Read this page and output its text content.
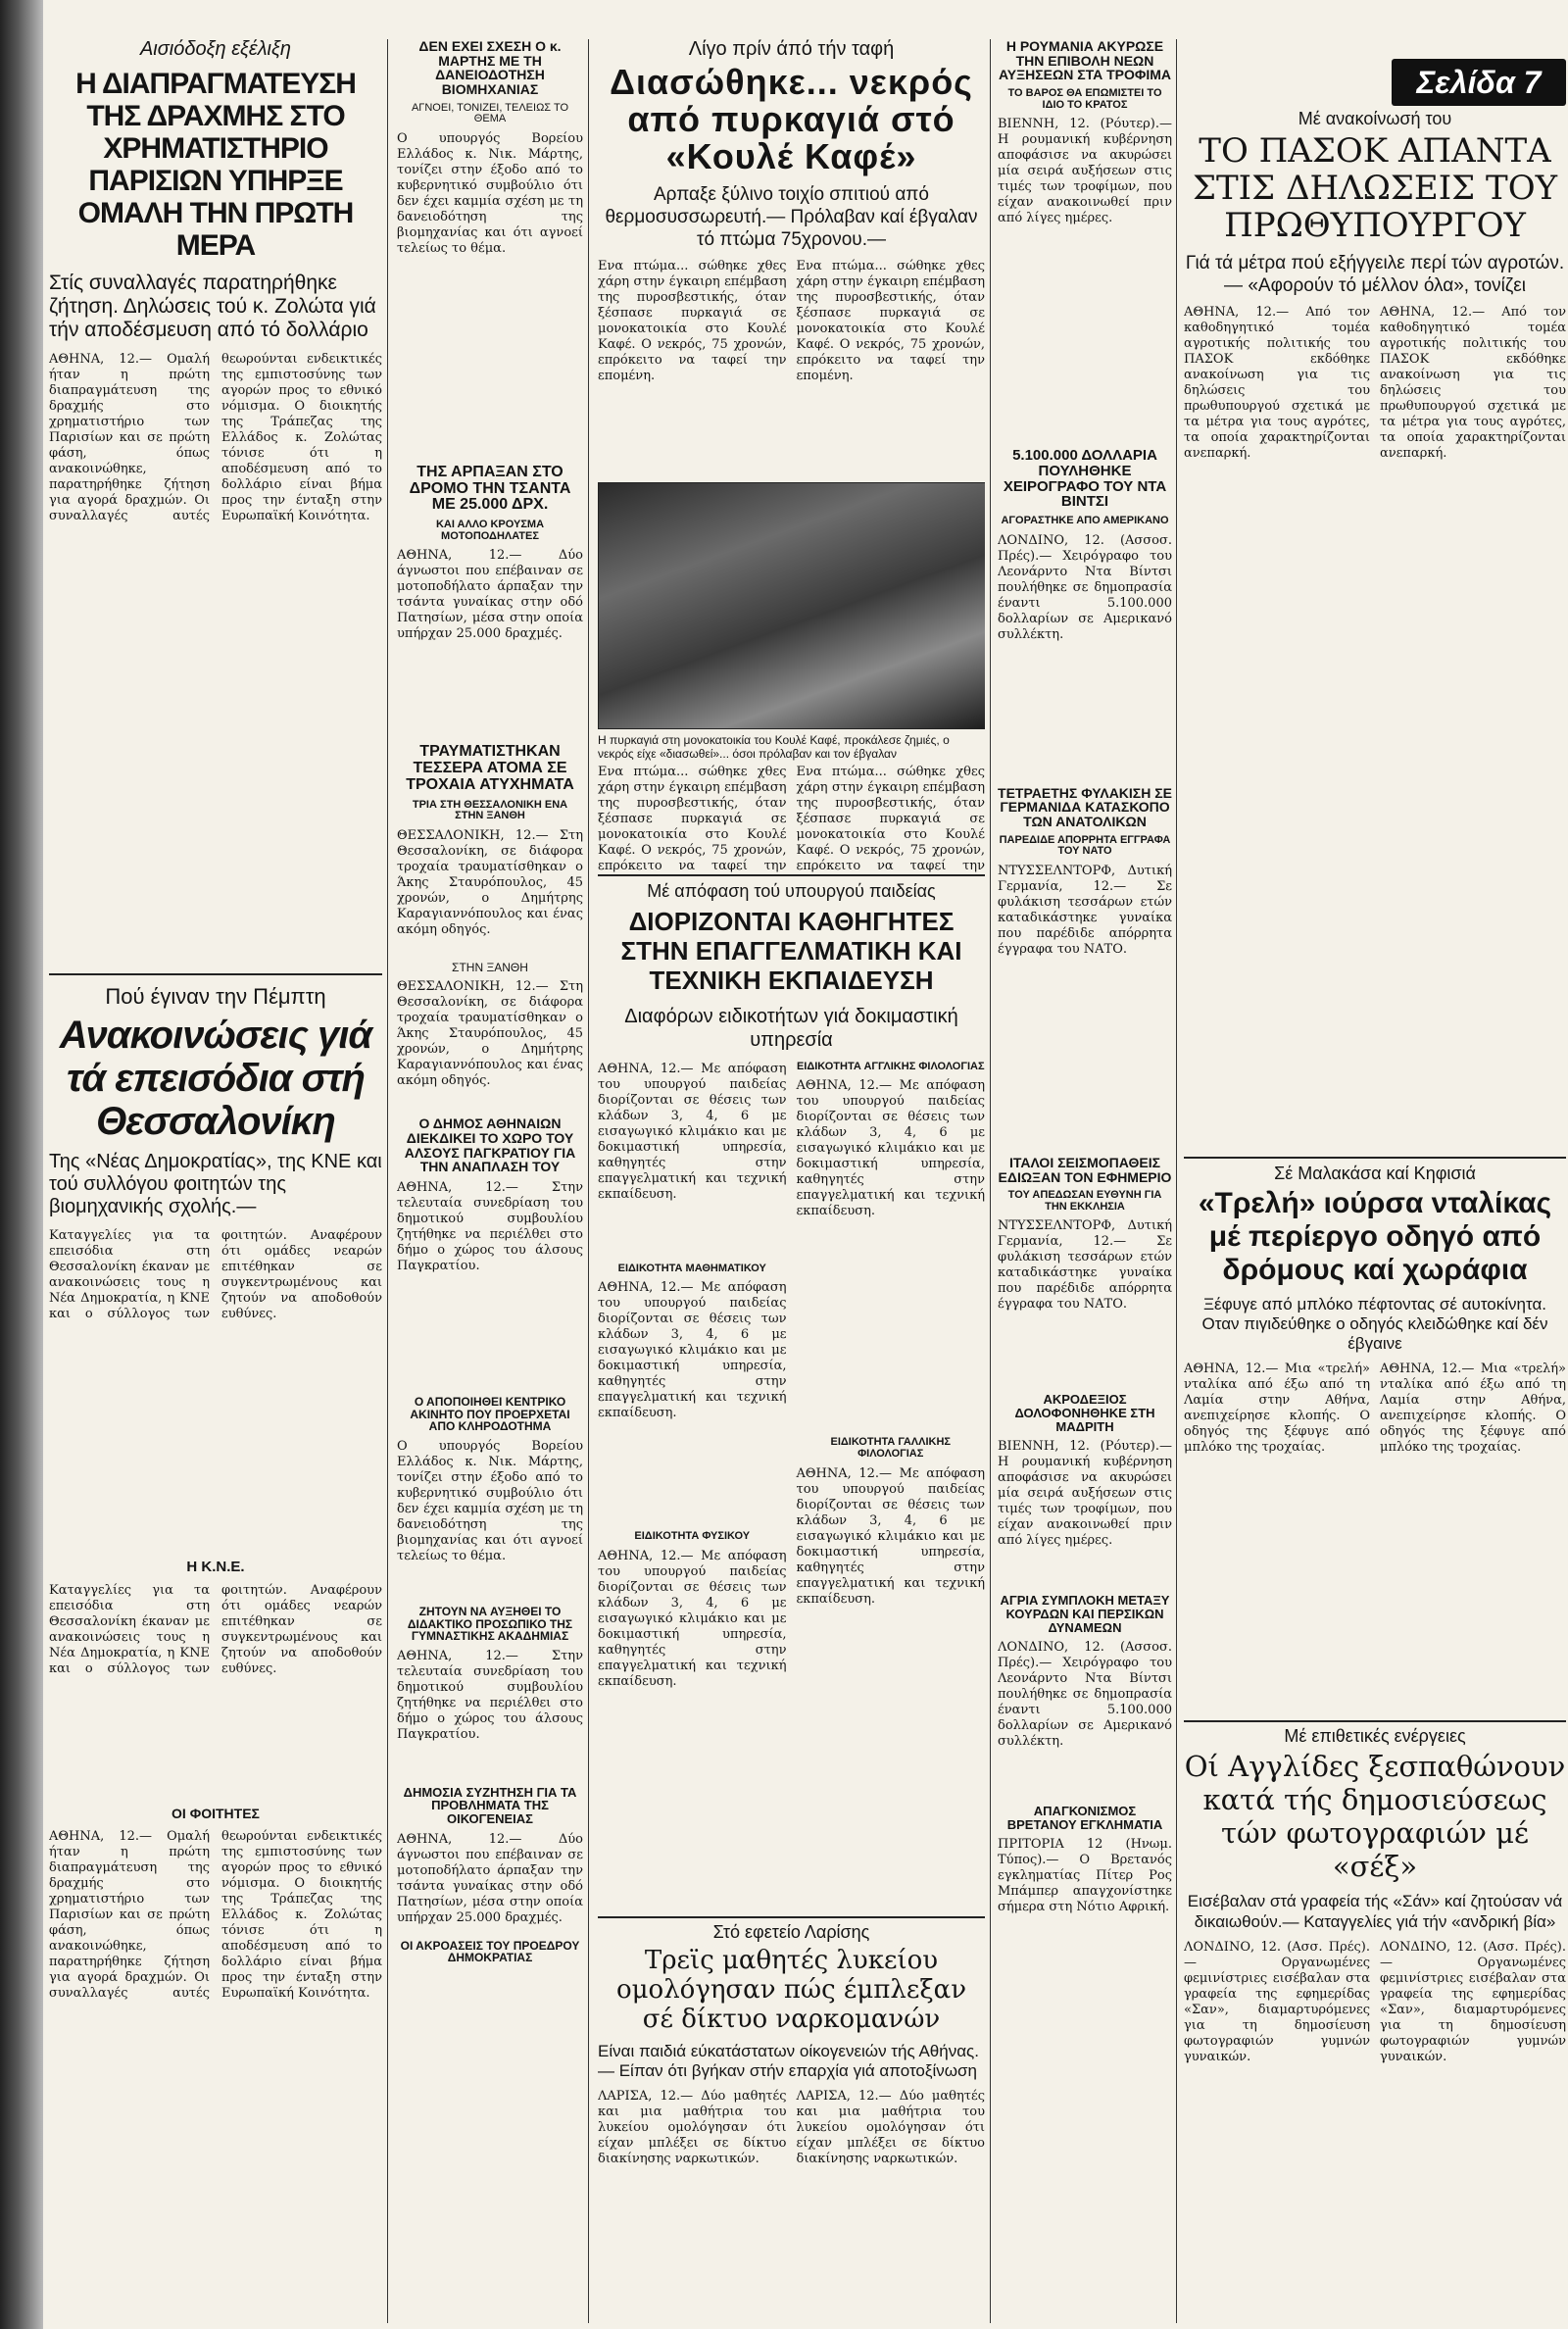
Σελίδα 7
Αισιόδοξη εξέλιξη
Η ΔΙΑΠΡΑΓΜΑΤΕΥΣΗ ΤΗΣ ΔΡΑΧΜΗΣ ΣΤΟ ΧΡΗΜΑΤΙΣΤΗΡΙΟ ΠΑΡΙΣΙΩΝ ΥΠΗΡΞΕ ΟΜΑΛΗ ΤΗΝ ΠΡΩΤΗ ΜΕΡΑ
Στίς συναλλαγές παρατηρήθηκε ζήτηση. Δηλώσεις τού κ. Ζολώτα γιά τήν αποδέσμευση από τό δολλάριο
ΑΘΗΝΑ, 12.— Ομαλή ήταν η πρώτη διαπραγμάτευση της δραχμής στο χρηματιστήριο των Παρισίων και σε πρώτη φάση, όπως ανακοινώθηκε, παρατηρήθηκε ζήτηση για αγορά δραχμών. Οι συναλλαγές αυτές θεωρούνται ενδεικτικές της εμπιστοσύνης των αγορών προς το εθνικό νόμισμα. Ο διοικητής της Τράπεζας της Ελλάδος κ. Ζολώτας τόνισε ότι η αποδέσμευση από το δολλάριο είναι βήμα προς την ένταξη στην Ευρωπαϊκή Κοινότητα.
Πού έγιναν την Πέμπτη
Ανακοινώσεις γιά τά επεισόδια στή Θεσσαλονίκη
Της «Νέας Δημοκρατίας», της ΚΝΕ και τού συλλόγου φοιτητών της βιομηχανικής σχολής.—
Καταγγελίες για τα επεισόδια στη Θεσσαλονίκη έκαναν με ανακοινώσεις τους η Νέα Δημοκρατία, η ΚΝΕ και ο σύλλογος των φοιτητών. Αναφέρουν ότι ομάδες νεαρών επιτέθηκαν σε συγκεντρωμένους και ζητούν να αποδοθούν ευθύνες.
Η Κ.Ν.Ε.
Καταγγελίες για τα επεισόδια στη Θεσσαλονίκη έκαναν με ανακοινώσεις τους η Νέα Δημοκρατία, η ΚΝΕ και ο σύλλογος των φοιτητών. Αναφέρουν ότι ομάδες νεαρών επιτέθηκαν σε συγκεντρωμένους και ζητούν να αποδοθούν ευθύνες.
ΟΙ ΦΟΙΤΗΤΕΣ
ΑΘΗΝΑ, 12.— Ομαλή ήταν η πρώτη διαπραγμάτευση της δραχμής στο χρηματιστήριο των Παρισίων και σε πρώτη φάση, όπως ανακοινώθηκε, παρατηρήθηκε ζήτηση για αγορά δραχμών. Οι συναλλαγές αυτές θεωρούνται ενδεικτικές της εμπιστοσύνης των αγορών προς το εθνικό νόμισμα. Ο διοικητής της Τράπεζας της Ελλάδος κ. Ζολώτας τόνισε ότι η αποδέσμευση από το δολλάριο είναι βήμα προς την ένταξη στην Ευρωπαϊκή Κοινότητα.
ΔΕΝ ΕΧΕΙ ΣΧΕΣΗ Ο κ. ΜΑΡΤΗΣ ΜΕ ΤΗ ΔΑΝΕΙΟΔΟΤΗΣΗ ΒΙΟΜΗΧΑΝΙΑΣ
ΑΓΝΟΕΙ, ΤΟΝΙΖΕΙ, ΤΕΛΕΙΩΣ ΤΟ ΘΕΜΑ
Ο υπουργός Βορείου Ελλάδος κ. Νικ. Μάρτης, τονίζει στην έξοδο από το κυβερνητικό συμβούλιο ότι δεν έχει καμμία σχέση με τη δανειοδότηση της βιομηχανίας και ότι αγνοεί τελείως το θέμα.
ΤΗΣ ΑΡΠΑΞΑΝ ΣΤΟ ΔΡΟΜΟ ΤΗΝ ΤΣΑΝΤΑ ΜΕ 25.000 ΔΡΧ.
ΚΑΙ ΑΛΛΟ ΚΡΟΥΣΜΑ ΜΟΤΟΠΟΔΗΛΑΤΕΣ
ΑΘΗΝΑ, 12.— Δύο άγνωστοι που επέβαιναν σε μοτοποδήλατο άρπαξαν την τσάντα γυναίκας στην οδό Πατησίων, μέσα στην οποία υπήρχαν 25.000 δραχμές.
ΤΡΑΥΜΑΤΙΣΤΗΚΑΝ ΤΕΣΣΕΡΑ ΑΤΟΜΑ ΣΕ ΤΡΟΧΑΙΑ ΑΤΥΧΗΜΑΤΑ
ΤΡΙΑ ΣΤΗ ΘΕΣΣΑΛΟΝΙΚΗ ΕΝΑ ΣΤΗΝ ΞΑΝΘΗ
ΘΕΣΣΑΛΟΝΙΚΗ, 12.— Στη Θεσσαλονίκη, σε διάφορα τροχαία τραυματίσθηκαν ο Άκης Σταυρόπουλος, 45 χρονών, ο Δημήτρης Καραγιαννόπουλος και ένας ακόμη οδηγός.
ΣΤΗΝ ΞΑΝΘΗ
ΘΕΣΣΑΛΟΝΙΚΗ, 12.— Στη Θεσσαλονίκη, σε διάφορα τροχαία τραυματίσθηκαν ο Άκης Σταυρόπουλος, 45 χρονών, ο Δημήτρης Καραγιαννόπουλος και ένας ακόμη οδηγός.
Ο ΔΗΜΟΣ ΑΘΗΝΑΙΩΝ ΔΙΕΚΔΙΚΕΙ ΤΟ ΧΩΡΟ ΤΟΥ ΑΛΣΟΥΣ ΠΑΓΚΡΑΤΙΟΥ ΓΙΑ ΤΗΝ ΑΝΑΠΛΑΣΗ ΤΟΥ
ΑΘΗΝΑ, 12.— Στην τελευταία συνεδρίαση του δημοτικού συμβουλίου ζητήθηκε να περιέλθει στο δήμο ο χώρος του άλσους Παγκρατίου.
Ο ΑΠΟΠΟΙΗΘΕΙ ΚΕΝΤΡΙΚΟ ΑΚΙΝΗΤΟ ΠΟΥ ΠΡΟΕΡΧΕΤΑΙ ΑΠΟ ΚΛΗΡΟΔΟΤΗΜΑ
Ο υπουργός Βορείου Ελλάδος κ. Νικ. Μάρτης, τονίζει στην έξοδο από το κυβερνητικό συμβούλιο ότι δεν έχει καμμία σχέση με τη δανειοδότηση της βιομηχανίας και ότι αγνοεί τελείως το θέμα.
ΖΗΤΟΥΝ ΝΑ ΑΥΞΗΘΕΙ ΤΟ ΔΙΔΑΚΤΙΚΟ ΠΡΟΣΩΠΙΚΟ ΤΗΣ ΓΥΜΝΑΣΤΙΚΗΣ ΑΚΑΔΗΜΙΑΣ
ΑΘΗΝΑ, 12.— Στην τελευταία συνεδρίαση του δημοτικού συμβουλίου ζητήθηκε να περιέλθει στο δήμο ο χώρος του άλσους Παγκρατίου.
ΔΗΜΟΣΙΑ ΣΥΖΗΤΗΣΗ ΓΙΑ ΤΑ ΠΡΟΒΛΗΜΑΤΑ ΤΗΣ ΟΙΚΟΓΕΝΕΙΑΣ
ΑΘΗΝΑ, 12.— Δύο άγνωστοι που επέβαιναν σε μοτοποδήλατο άρπαξαν την τσάντα γυναίκας στην οδό Πατησίων, μέσα στην οποία υπήρχαν 25.000 δραχμές.
ΟΙ ΑΚΡΟΑΣΕΙΣ ΤΟΥ ΠΡΟΕΔΡΟΥ ΔΗΜΟΚΡΑΤΙΑΣ
Λίγο πρίν άπό τήν ταφή
Διασώθηκε... νεκρός από πυρκαγιά στό «Κουλέ Καφέ»
Αρπαξε ξύλινο τοιχίο σπιτιού από θερμοσυσσωρευτή.— Πρόλαβαν καί έβγαλαν τό πτώμα 75χρονου.—
Ενα πτώμα... σώθηκε χθες χάρη στην έγκαιρη επέμβαση της πυροσβεστικής, όταν ξέσπασε πυρκαγιά σε μονοκατοικία στο Κουλέ Καφέ. Ο νεκρός, 75 χρονών, επρόκειτο να ταφεί την επομένη.
Ενα πτώμα... σώθηκε χθες χάρη στην έγκαιρη επέμβαση της πυροσβεστικής, όταν ξέσπασε πυρκαγιά σε μονοκατοικία στο Κουλέ Καφέ. Ο νεκρός, 75 χρονών, επρόκειτο να ταφεί την επομένη.
Η πυρκαγιά στη μονοκατοικία του Κουλέ Καφέ, προκάλεσε ζημιές, ο νεκρός είχε «διασωθεί»... όσοι πρόλαβαν και τον έβγαλαν
Ενα πτώμα... σώθηκε χθες χάρη στην έγκαιρη επέμβαση της πυροσβεστικής, όταν ξέσπασε πυρκαγιά σε μονοκατοικία στο Κουλέ Καφέ. Ο νεκρός, 75 χρονών, επρόκειτο να ταφεί την
Ενα πτώμα... σώθηκε χθες χάρη στην έγκαιρη επέμβαση της πυροσβεστικής, όταν ξέσπασε πυρκαγιά σε μονοκατοικία στο Κουλέ Καφέ. Ο νεκρός, 75 χρονών, επρόκειτο να ταφεί την
Μέ απόφαση τού υπουργού παιδείας
ΔΙΟΡΙΖΟΝΤΑΙ ΚΑΘΗΓΗΤΕΣ ΣΤΗΝ ΕΠΑΓΓΕΛΜΑΤΙΚΗ ΚΑΙ ΤΕΧΝΙΚΗ ΕΚΠΑΙΔΕΥΣΗ
Διαφόρων ειδικοτήτων γιά δοκιμαστική υπηρεσία
ΑΘΗΝΑ, 12.— Με απόφαση του υπουργού παιδείας διορίζονται σε θέσεις των κλάδων 3, 4, 6 με εισαγωγικό κλιμάκιο και με δοκιμαστική υπηρεσία, καθηγητές στην επαγγελματική και τεχνική εκπαίδευση.
ΕΙΔΙΚΟΤΗΤΑ ΜΑΘΗΜΑΤΙΚΟΥ
ΑΘΗΝΑ, 12.— Με απόφαση του υπουργού παιδείας διορίζονται σε θέσεις των κλάδων 3, 4, 6 με εισαγωγικό κλιμάκιο και με δοκιμαστική υπηρεσία, καθηγητές στην επαγγελματική και τεχνική εκπαίδευση.
ΕΙΔΙΚΟΤΗΤΑ ΦΥΣΙΚΟΥ
ΑΘΗΝΑ, 12.— Με απόφαση του υπουργού παιδείας διορίζονται σε θέσεις των κλάδων 3, 4, 6 με εισαγωγικό κλιμάκιο και με δοκιμαστική υπηρεσία, καθηγητές στην επαγγελματική και τεχνική εκπαίδευση.
ΕΙΔΙΚΟΤΗΤΑ ΑΓΓΛΙΚΗΣ ΦΙΛΟΛΟΓΙΑΣ
ΑΘΗΝΑ, 12.— Με απόφαση του υπουργού παιδείας διορίζονται σε θέσεις των κλάδων 3, 4, 6 με εισαγωγικό κλιμάκιο και με δοκιμαστική υπηρεσία, καθηγητές στην επαγγελματική και τεχνική εκπαίδευση.
ΕΙΔΙΚΟΤΗΤΑ ΓΑΛΛΙΚΗΣ ΦΙΛΟΛΟΓΙΑΣ
ΑΘΗΝΑ, 12.— Με απόφαση του υπουργού παιδείας διορίζονται σε θέσεις των κλάδων 3, 4, 6 με εισαγωγικό κλιμάκιο και με δοκιμαστική υπηρεσία, καθηγητές στην επαγγελματική και τεχνική εκπαίδευση.
Στό εφετείο Λαρίσης
Τρεϊς μαθητές λυκείου ομολόγησαν πώς έμπλεξαν σέ δίκτυο ναρκομανών
Είναι παιδιά εύκατάστατων οίκογενειών τής Αθήνας.— Είπαν ότι βγήκαν στήν επαρχία γιά αποτοξίνωση
ΛΑΡΙΣΑ, 12.— Δύο μαθητές και μια μαθήτρια του λυκείου ομολόγησαν ότι είχαν μπλέξει σε δίκτυο διακίνησης ναρκωτικών.
ΛΑΡΙΣΑ, 12.— Δύο μαθητές και μια μαθήτρια του λυκείου ομολόγησαν ότι είχαν μπλέξει σε δίκτυο διακίνησης ναρκωτικών.
Η ΡΟΥΜΑΝΙΑ ΑΚΥΡΩΣΕ ΤΗΝ ΕΠΙΒΟΛΗ ΝΕΩΝ ΑΥΞΗΣΕΩΝ ΣΤΑ ΤΡΟΦΙΜΑ
ΤΟ ΒΑΡΟΣ ΘΑ ΕΠΩΜΙΣΤΕΙ ΤΟ ΙΔΙΟ ΤΟ ΚΡΑΤΟΣ
ΒΙΕΝΝΗ, 12. (Ρόυτερ).— Η ρουμανική κυβέρνηση αποφάσισε να ακυρώσει μία σειρά αυξήσεων στις τιμές των τροφίμων, που είχαν ανακοινωθεί πριν από λίγες ημέρες.
5.100.000 ΔΟΛΛΑΡΙΑ ΠΟΥΛΗΘΗΚΕ ΧΕΙΡΟΓΡΑΦΟ ΤΟΥ ΝΤΑ ΒΙΝΤΣΙ
ΑΓΟΡΑΣΤΗΚΕ ΑΠΟ ΑΜΕΡΙΚΑΝΟ
ΛΟΝΔΙΝΟ, 12. (Ασσοσ. Πρές).— Χειρόγραφο του Λεονάρντο Ντα Βίντσι πουλήθηκε σε δημοπρασία έναντι 5.100.000 δολλαρίων σε Αμερικανό συλλέκτη.
ΤΕΤΡΑΕΤΗΣ ΦΥΛΑΚΙΣΗ ΣΕ ΓΕΡΜΑΝΙΔΑ ΚΑΤΑΣΚΟΠΟ ΤΩΝ ΑΝΑΤΟΛΙΚΩΝ
ΠΑΡΕΔΙΔΕ ΑΠΟΡΡΗΤΑ ΕΓΓΡΑΦΑ ΤΟΥ ΝΑΤΟ
ΝΤΥΣΣΕΛΝΤΟΡΦ, Δυτική Γερμανία, 12.— Σε φυλάκιση τεσσάρων ετών καταδικάστηκε γυναίκα που παρέδιδε απόρρητα έγγραφα του ΝΑΤΟ.
ΙΤΑΛΟΙ ΣΕΙΣΜΟΠΑΘΕΙΣ ΕΔΙΩΞΑΝ ΤΟΝ ΕΦΗΜΕΡΙΟ
ΤΟΥ ΑΠΕΔΩΣΑΝ ΕΥΘΥΝΗ ΓΙΑ ΤΗΝ ΕΚΚΛΗΣΙΑ
ΝΤΥΣΣΕΛΝΤΟΡΦ, Δυτική Γερμανία, 12.— Σε φυλάκιση τεσσάρων ετών καταδικάστηκε γυναίκα που παρέδιδε απόρρητα έγγραφα του ΝΑΤΟ.
ΑΚΡΟΔΕΞΙΟΣ ΔΟΛΟΦΟΝΗΘΗΚΕ ΣΤΗ ΜΑΔΡΙΤΗ
ΒΙΕΝΝΗ, 12. (Ρόυτερ).— Η ρουμανική κυβέρνηση αποφάσισε να ακυρώσει μία σειρά αυξήσεων στις τιμές των τροφίμων, που είχαν ανακοινωθεί πριν από λίγες ημέρες.
ΑΓΡΙΑ ΣΥΜΠΛΟΚΗ ΜΕΤΑΞΥ ΚΟΥΡΔΩΝ ΚΑΙ ΠΕΡΣΙΚΩΝ ΔΥΝΑΜΕΩΝ
ΛΟΝΔΙΝΟ, 12. (Ασσοσ. Πρές).— Χειρόγραφο του Λεονάρντο Ντα Βίντσι πουλήθηκε σε δημοπρασία έναντι 5.100.000 δολλαρίων σε Αμερικανό συλλέκτη.
ΑΠΑΓΚΟΝΙΣΜΟΣ ΒΡΕΤΑΝΟΥ ΕΓΚΛΗΜΑΤΙΑ
ΠΡΙΤΟΡΙΑ 12 (Ηνωμ. Τύπος).— Ο Βρετανός εγκληματίας Πίτερ Ρος Μπάμπερ απαγχονίστηκε σήμερα στη Νότιο Αφρική.
Μέ ανακοίνωσή του
ΤΟ ΠΑΣΟΚ ΑΠΑΝΤΑ ΣΤΙΣ ΔΗΛΩΣΕΙΣ ΤΟΥ ΠΡΩΘΥΠΟΥΡΓΟΥ
Γιά τά μέτρα πού εξήγγειλε περί τών αγροτών.— «Αφορούν τό μέλλον όλα», τονίζει
ΑΘΗΝΑ, 12.— Από τον καθοδηγητικό τομέα αγροτικής πολιτικής του ΠΑΣΟΚ εκδόθηκε ανακοίνωση για τις δηλώσεις του πρωθυπουργού σχετικά με τα μέτρα για τους αγρότες, τα οποία χαρακτηρίζονται ανεπαρκή.
ΑΘΗΝΑ, 12.— Από τον καθοδηγητικό τομέα αγροτικής πολιτικής του ΠΑΣΟΚ εκδόθηκε ανακοίνωση για τις δηλώσεις του πρωθυπουργού σχετικά με τα μέτρα για τους αγρότες, τα οποία χαρακτηρίζονται ανεπαρκή.
Σέ Μαλακάσα καί Κηφισιά
«Τρελή» ιούρσα νταλίκας μέ περίεργο οδηγό από δρόμους καί χωράφια
Ξέφυγε από μπλόκο πέφτοντας σέ αυτοκίνητα. Οταν πιγιδεύθηκε ο οδηγός κλειδώθηκε καί δέν έβγαινε
ΑΘΗΝΑ, 12.— Μια «τρελή» νταλίκα από έξω από τη Λαμία στην Αθήνα, ανεπιχείρησε κλοπής. Ο οδηγός της ξέφυγε από μπλόκο της τροχαίας.
ΑΘΗΝΑ, 12.— Μια «τρελή» νταλίκα από έξω από τη Λαμία στην Αθήνα, ανεπιχείρησε κλοπής. Ο οδηγός της ξέφυγε από μπλόκο της τροχαίας.
Μέ επιθετικές ενέργειες
Οί Αγγλίδες ξεσπαθώνουν κατά τής δημοσιεύσεως τών φωτογραφιών μέ «σέξ»
Εισέβαλαν στά γραφεία τής «Σάν» καί ζητούσαν νά δικαιωθούν.— Καταγγελίες γιά τήν «ανδρική βία»
ΛΟΝΔΙΝΟ, 12. (Ασσ. Πρές).— Οργανωμένες φεμινίστριες εισέβαλαν στα γραφεία της εφημερίδας «Σαν», διαμαρτυρόμενες για τη δημοσίευση φωτογραφιών γυμνών γυναικών.
ΛΟΝΔΙΝΟ, 12. (Ασσ. Πρές).— Οργανωμένες φεμινίστριες εισέβαλαν στα γραφεία της εφημερίδας «Σαν», διαμαρτυρόμενες για τη δημοσίευση φωτογραφιών γυμνών γυναικών.
